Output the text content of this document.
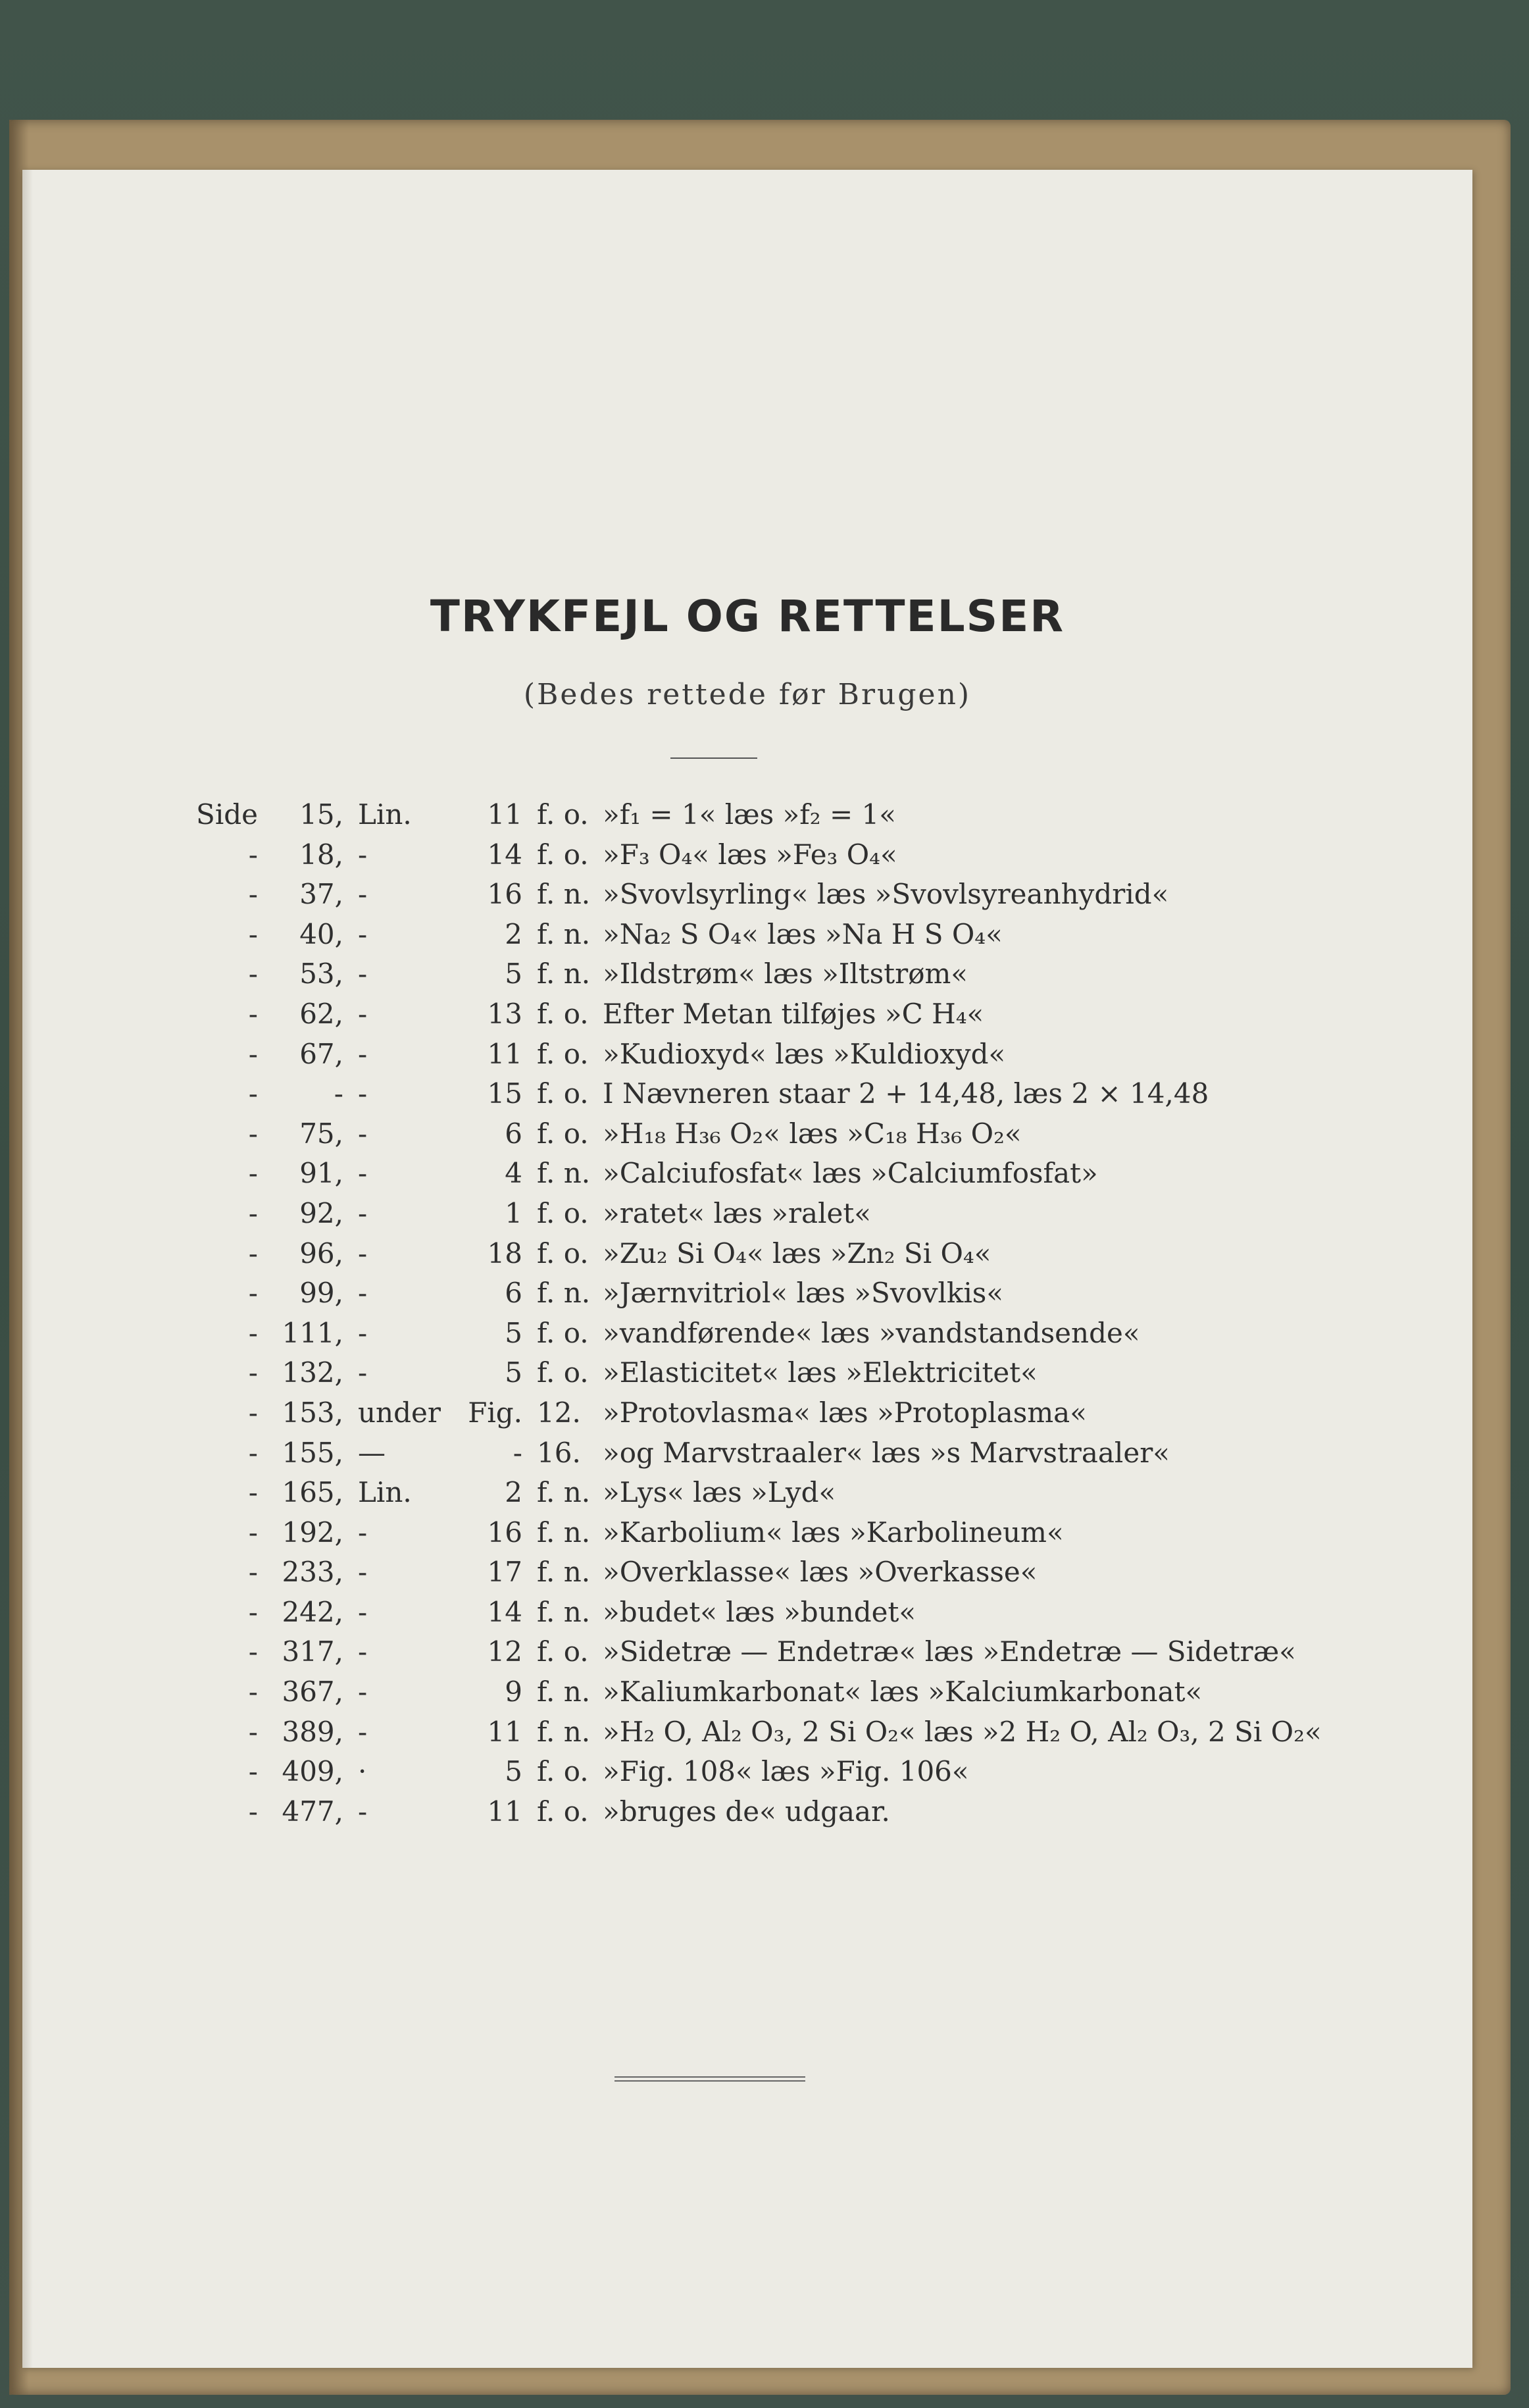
TRYKFEJL OG RETTELSER
(Bedes rettede før Brugen)
Side	15, Lin.	11 f. o. »f₁ = 1« læs »f₂ = 1«
-	18, -	14 f. o. »F₃ O₄« læs »Fe₃ O₄«
-	37, -	16 f. n. »Svovlsyrling« læs »Svovlsyreanhydrid«
-	40, -	2 f. n. »Na₂ S O₄« læs »Na H S O₄«
-	53, -	5 f. n. »Ildstrøm« læs »Iltstrøm«
-	62, -	13 f. o. Efter Metan tilføjes »C H₄«
-	67, -	11 f. o. »Kudioxyd« læs »Kuldioxyd«
-	- -	15 f. o. I Nævneren staar 2 + 14,48, læs 2 × 14,48
-	75, -	6 f. o. »H₁₈ H₃₆ O₂« læs »C₁₈ H₃₆ O₂«
-	91, -	4 f. n. »Calciufosfat« læs »Calciumfosfat»
-	92, -	1 f. o. »ratet« læs »ralet«
-	96, -	18 f. o. »Zu₂ Si O₄« læs »Zn₂ Si O₄«
-	99, -	6 f. n. »Jærnvitriol« læs »Svovlkis«
- 111, -	5 f. o. »vandførende« læs »vandstandsende«
- 132, -	5 f. o. »Elasticitet« læs »Elektricitet«
- 153, under Fig. 12. »Protovlasma« læs »Protoplasma«
- 155, —	- 16. »og Marvstraaler« læs »s Marvstraaler«
- 165, Lin.	2 f. n. »Lys« læs »Lyd«
- 192, -	16 f. n. »Karbolium« læs »Karbolineum«
- 233, -	17 f. n. »Overklasse« læs »Overkasse«
- 242, -	14 f. n. »budet« læs »bundet«
- 317, -	12 f. o. »Sidetræ — Endetræ« læs »Endetræ — Sidetræ«
- 367, -	9 f. n. »Kaliumkarbonat« læs »Kalciumkarbonat«
- 389, -	11 f. n. »H₂ O, Al₂ O₃, 2 Si O₂« læs »2 H₂ O, Al₂ O₃, 2 Si O₂«
- 409, ·	5 f. o. »Fig. 108« læs »Fig. 106«
- 477, -	11 f. o. »bruges de« udgaar.
